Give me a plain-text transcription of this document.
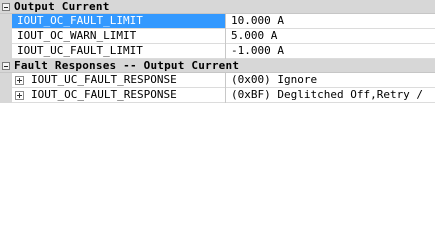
Output Current
IOUT_OC_FAULT_LIMIT	10.000 A
IOUT_OC_WARN_LIMIT	5.000 A
IOUT_UC_FAULT_LIMIT	-1.000 A
Fault Responses -- Output Current
IOUT_UC_FAULT_RESPONSE	(0x00) Ignore
IOUT_OC_FAULT_RESPONSE	(0xBF) Deglitched Off,Retry /
